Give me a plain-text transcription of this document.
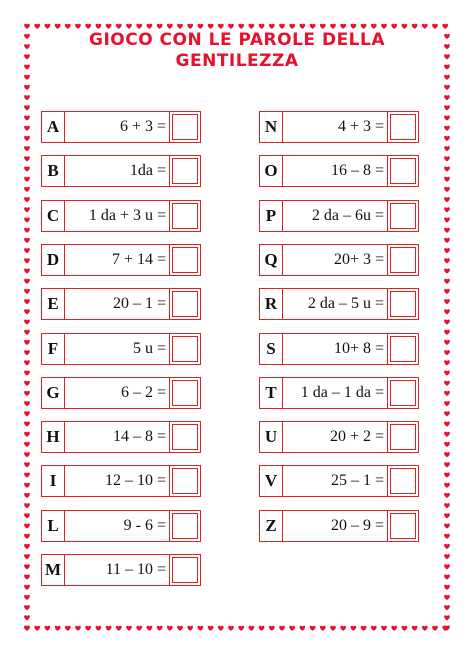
GIOCO CON LE PAROLE DELLA
GENTILEZZA
A	6 + 3 =
B	1da =
C	1 da + 3 u =
D	7 + 14 =
E	20 – 1 =
F	5 u =
G	6 – 2 =
H	14 – 8 =
I	12 – 10 =
L	9 - 6 =
M	11 – 10 =
N	4 + 3 =
O	16 – 8 =
P	2 da – 6u =
Q	20+ 3 =
R	2 da – 5 u =
S	10+ 8 =
T	1 da – 1 da =
U	20 + 2 =
V	25 – 1 =
Z	20 – 9 =
